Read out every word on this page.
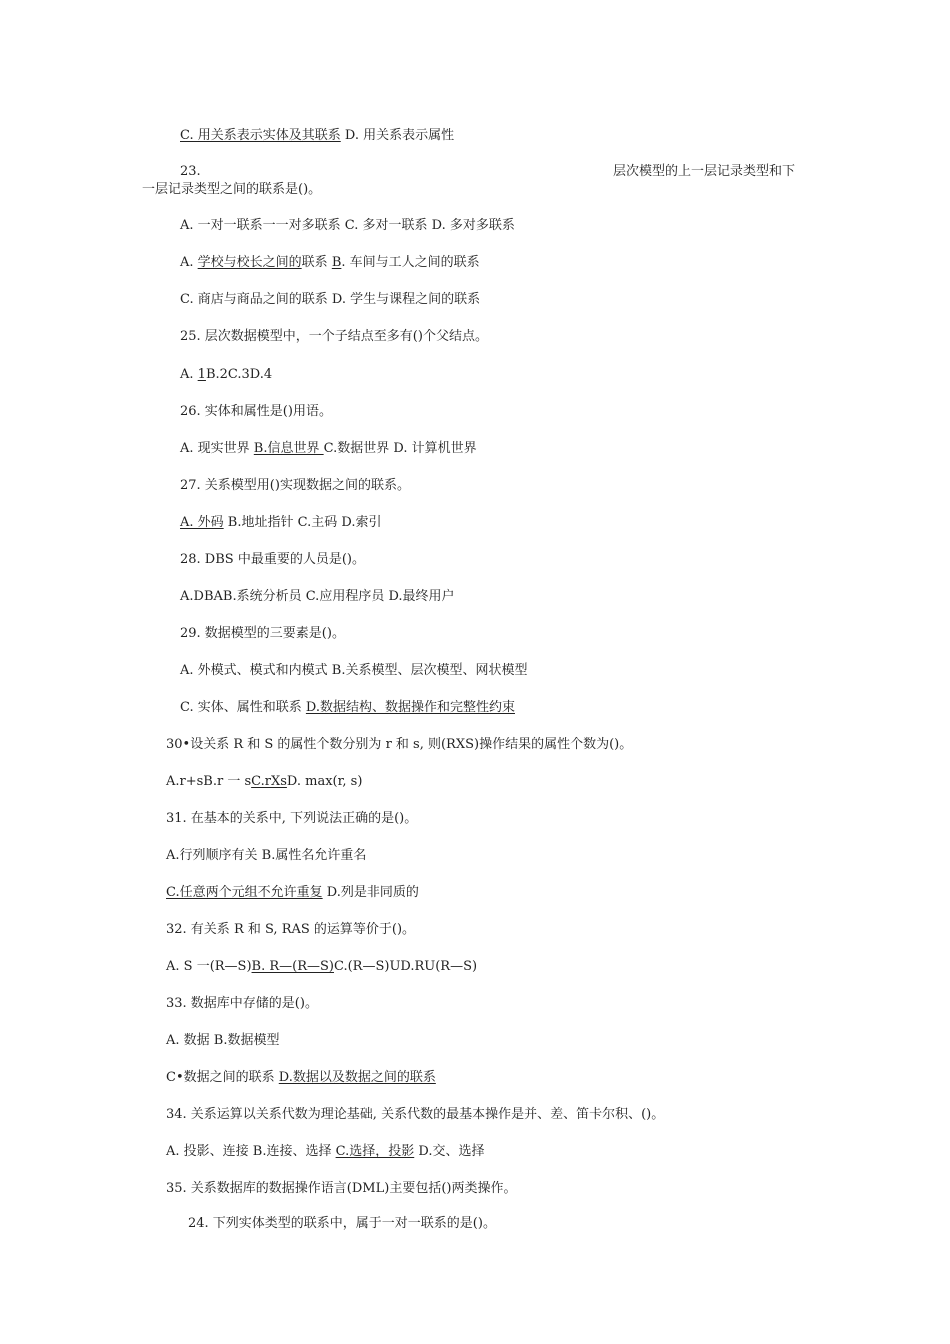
C. 用关系表示实体及其联系 D. 用关系表示属性
23.	层次模型的上一层记录类型和下
一层记录类型之间的联系是()。
A. 一对一联系一一对多联系 C. 多对一联系 D. 多对多联系
A. 学校与校长之间的联系 B. 车间与工人之间的联系
C. 商店与商品之间的联系 D. 学生与课程之间的联系
25. 层次数据模型中，一个子结点至多有()个父结点。
A. 1B.2C.3D.4
26. 实体和属性是()用语。
A. 现实世界 B.信息世界 C.数据世界 D. 计算机世界
27. 关系模型用()实现数据之间的联系。
A. 外码 B.地址指针 C.主码 D.索引
28. DBS 中最重要的人员是()。
A.DBAB.系统分析员 C.应用程序员 D.最终用户
29. 数据模型的三要素是()。
A. 外模式、模式和内模式 B.关系模型、层次模型、网状模型
C. 实体、属性和联系 D.数据结构、数据操作和完整性约束
30•设关系 R 和 S 的属性个数分别为 r 和 s, 则(RXS)操作结果的属性个数为()。
A.r+sB.r 一 sC.rXsD. max(r, s)
31. 在基本的关系中, 下列说法正确的是()。
A.行列顺序有关 B.属性名允许重名
C.任意两个元组不允许重复 D.列是非同质的
32. 有关系 R 和 S, RAS 的运算等价于()。
A. S 一(R—S)B. R—(R—S)C.(R—S)UD.RU(R—S)
33. 数据库中存储的是()。
A. 数据 B.数据模型
C•数据之间的联系 D.数据以及数据之间的联系
34. 关系运算以关系代数为理论基础, 关系代数的最基本操作是并、差、笛卡尔积、()。
A. 投影、连接 B.连接、选择 C.选择，投影 D.交、选择
35. 关系数据库的数据操作语言(DML)主要包括()两类操作。
24. 下列实体类型的联系中，属于一对一联系的是()。
